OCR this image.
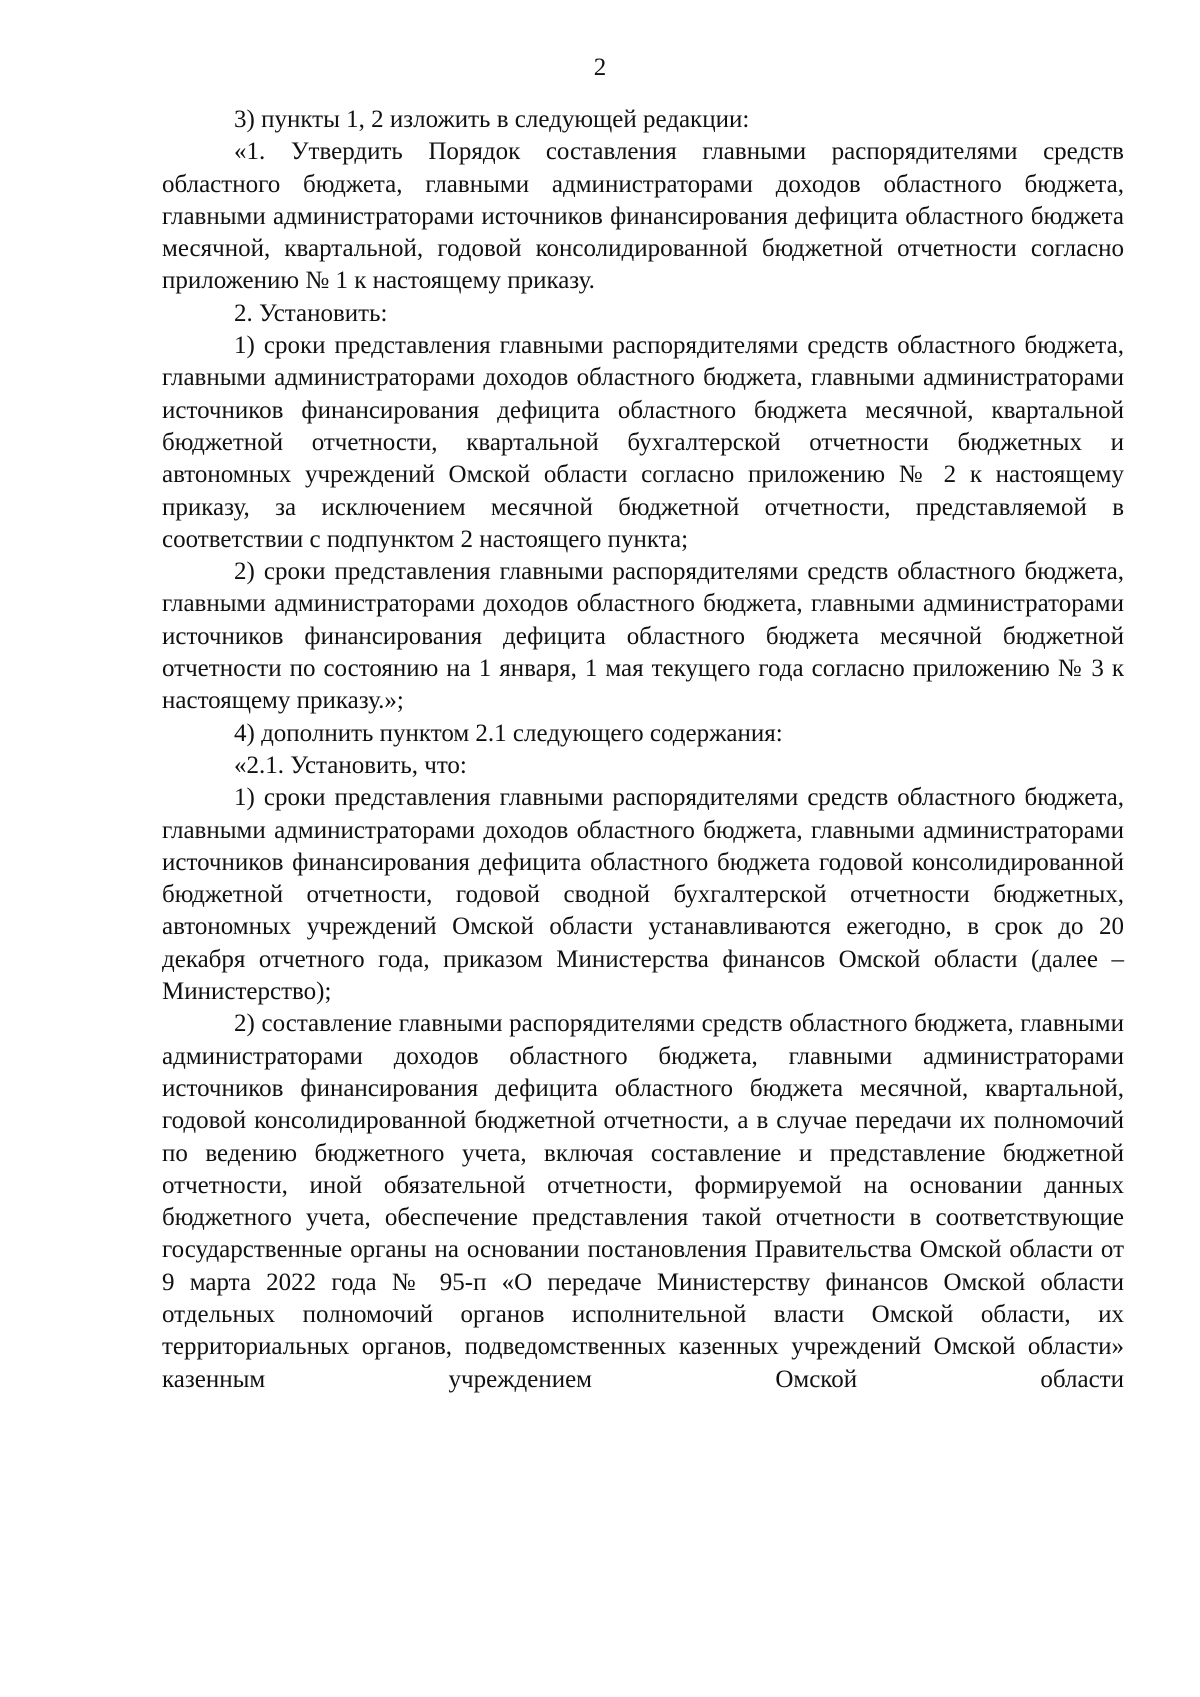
2

3) пункты 1, 2 изложить в следующей редакции:

«1. Утвердить Порядок составления главными распорядителями средств областного бюджета, главными администраторами доходов областного бюджета, главными администраторами источников финансирования дефицита областного бюджета месячной, квартальной, годовой консолидированной бюджетной отчетности согласно приложению № 1 к настоящему приказу.

2. Установить:

1) сроки представления главными распорядителями средств областного бюджета, главными администраторами доходов областного бюджета, главными администраторами источников финансирования дефицита областного бюджета месячной, квартальной бюджетной отчетности, квартальной бухгалтерской отчетности бюджетных и автономных учреждений Омской области согласно приложению № 2 к настоящему приказу, за исключением месячной бюджетной отчетности, представляемой в соответствии с подпунктом 2 настоящего пункта;

2) сроки представления главными распорядителями средств областного бюджета, главными администраторами доходов областного бюджета, главными администраторами источников финансирования дефицита областного бюджета месячной бюджетной отчетности по состоянию на 1 января, 1 мая текущего года согласно приложению № 3 к настоящему приказу.»;

4) дополнить пунктом 2.1 следующего содержания:

«2.1. Установить, что:

1) сроки представления главными распорядителями средств областного бюджета, главными администраторами доходов областного бюджета, главными администраторами источников финансирования дефицита областного бюджета годовой консолидированной бюджетной отчетности, годовой сводной бухгалтерской отчетности бюджетных, автономных учреждений Омской области устанавливаются ежегодно, в срок до 20 декабря отчетного года, приказом Министерства финансов Омской области (далее – Министерство);

2) составление главными распорядителями средств областного бюджета, главными администраторами доходов областного бюджета, главными администраторами источников финансирования дефицита областного бюджета месячной, квартальной, годовой консолидированной бюджетной отчетности, а в случае передачи их полномочий по ведению бюджетного учета, включая составление и представление бюджетной отчетности, иной обязательной отчетности, формируемой на основании данных бюджетного учета, обеспечение представления такой отчетности в соответствующие государственные органы на основании постановления Правительства Омской области от 9 марта 2022 года № 95-п «О передаче Министерству финансов Омской области отдельных полномочий органов исполнительной власти Омской области, их территориальных органов, подведомственных казенных учреждений Омской области» казенным учреждением Омской области
